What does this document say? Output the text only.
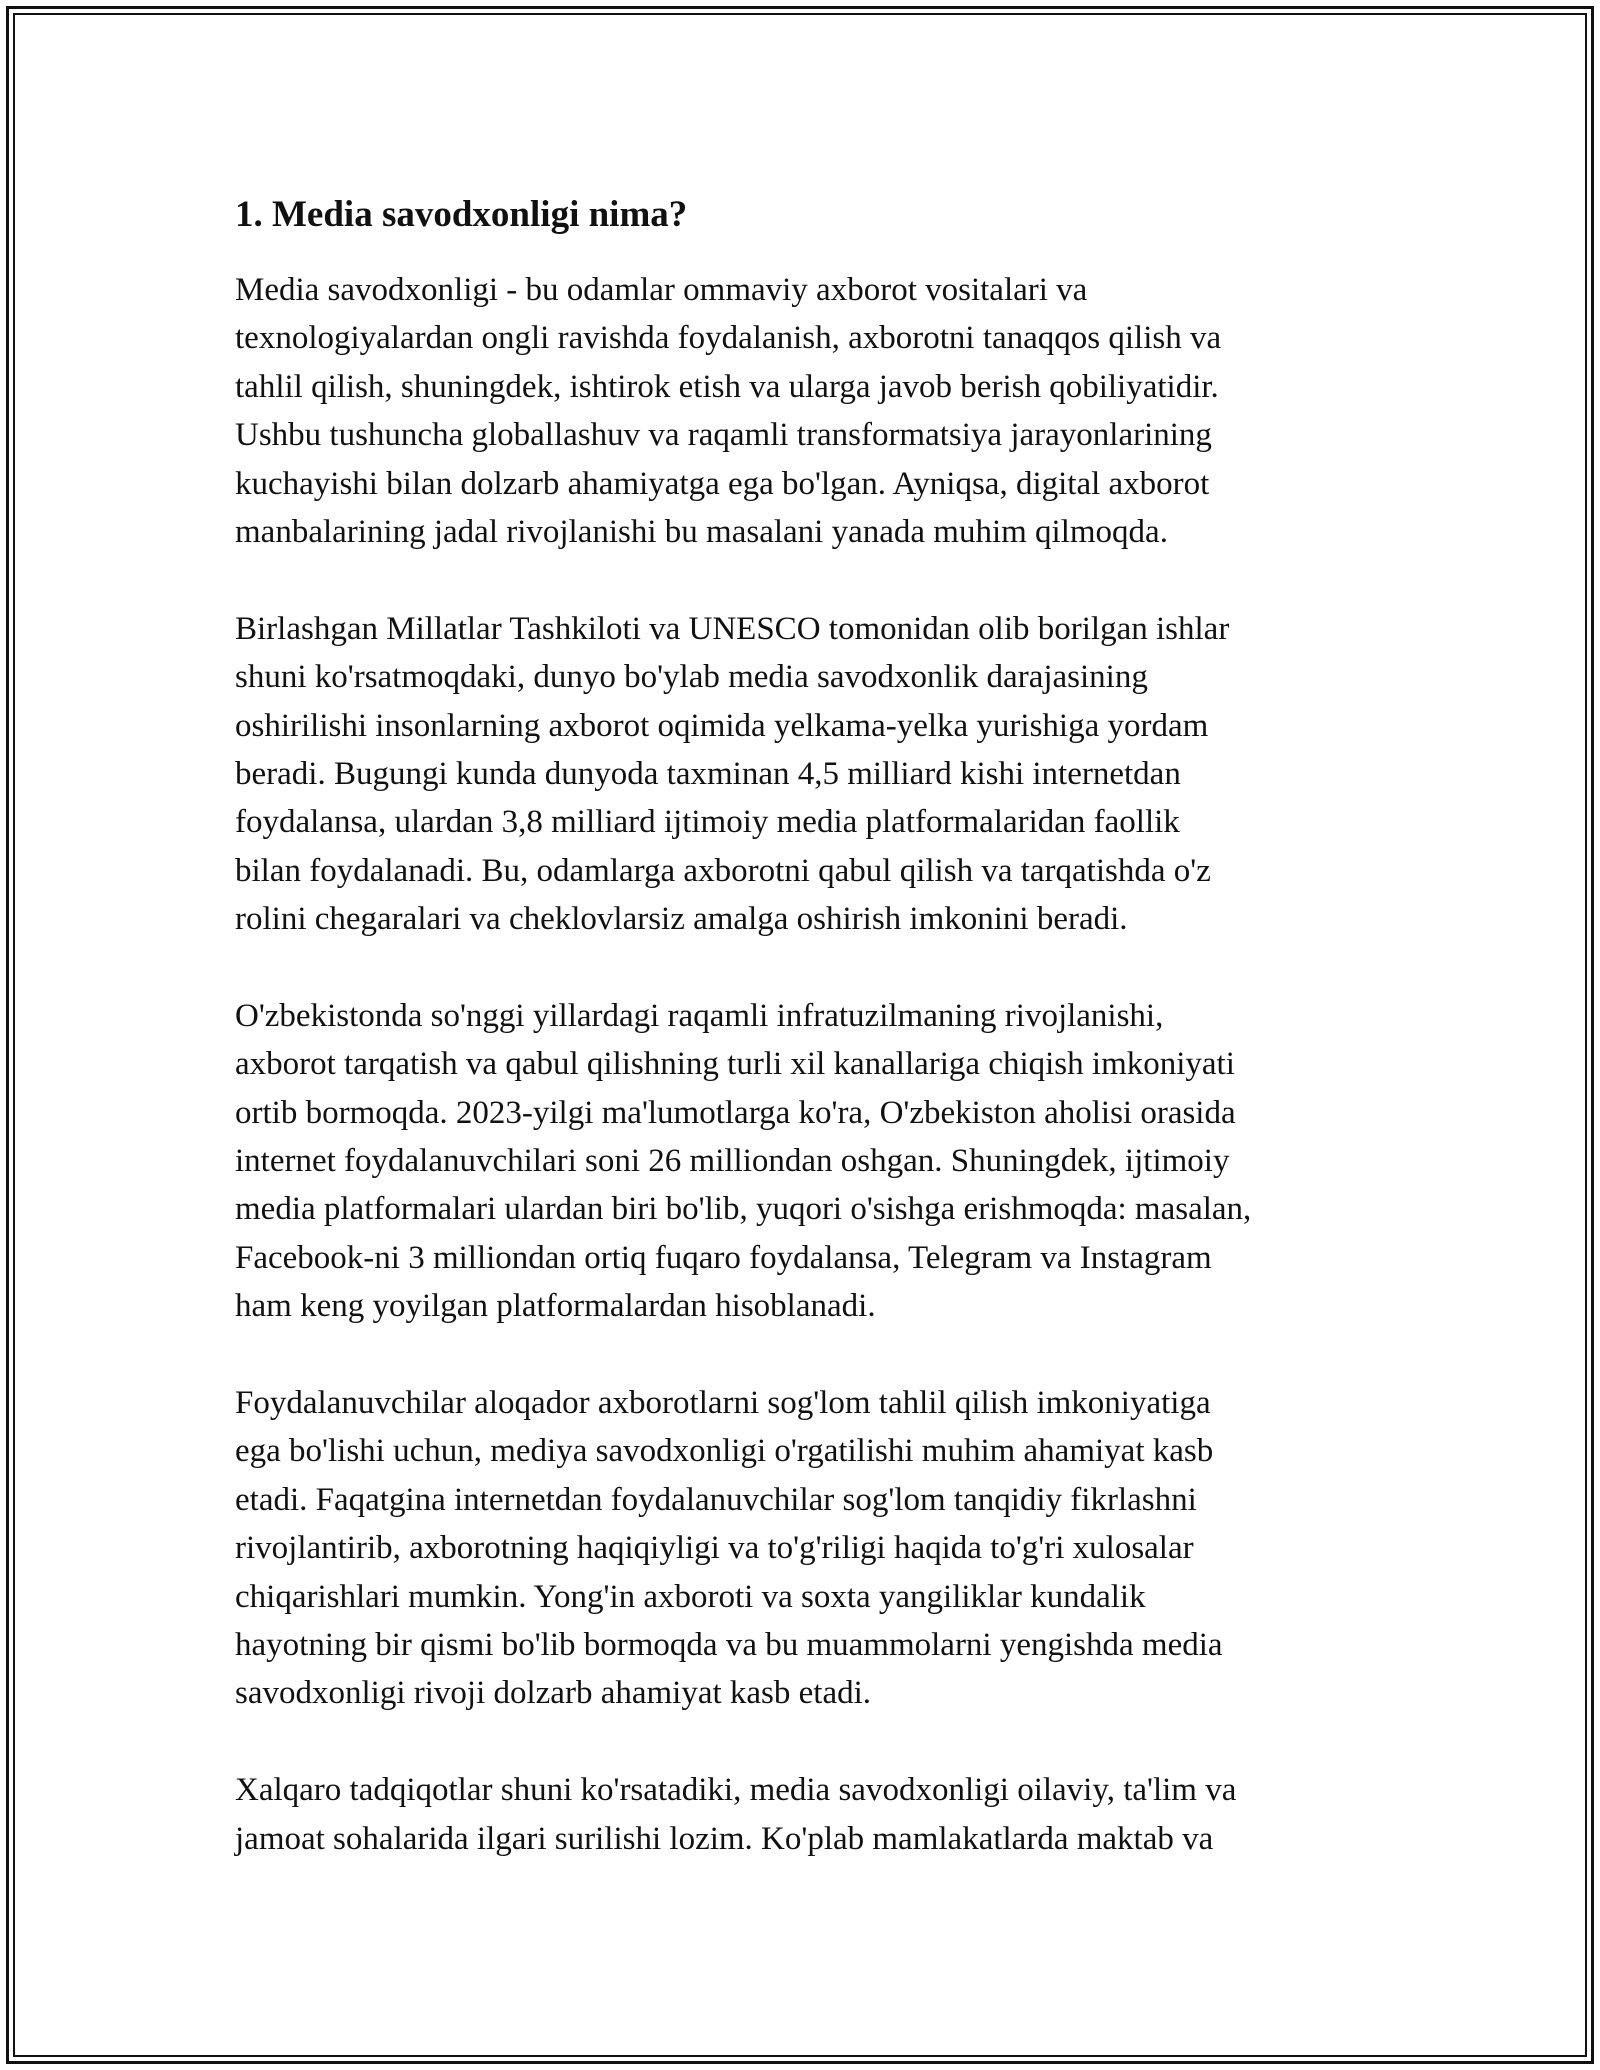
1. Media savodxonligi nima?

Media savodxonligi - bu odamlar ommaviy axborot vositalari va
texnologiyalardan ongli ravishda foydalanish, axborotni tanaqqos qilish va
tahlil qilish, shuningdek, ishtirok etish va ularga javob berish qobiliyatidir.
Ushbu tushuncha globallashuv va raqamli transformatsiya jarayonlarining
kuchayishi bilan dolzarb ahamiyatga ega bo'lgan. Ayniqsa, digital axborot
manbalarining jadal rivojlanishi bu masalani yanada muhim qilmoqda.

Birlashgan Millatlar Tashkiloti va UNESCO tomonidan olib borilgan ishlar
shuni ko'rsatmoqdaki, dunyo bo'ylab media savodxonlik darajasining
oshirilishi insonlarning axborot oqimida yelkama-yelka yurishiga yordam
beradi. Bugungi kunda dunyoda taxminan 4,5 milliard kishi internetdan
foydalansa, ulardan 3,8 milliard ijtimoiy media platformalaridan faollik
bilan foydalanadi. Bu, odamlarga axborotni qabul qilish va tarqatishda o'z
rolini chegaralari va cheklovlarsiz amalga oshirish imkonini beradi.

O'zbekistonda so'nggi yillardagi raqamli infratuzilmaning rivojlanishi,
axborot tarqatish va qabul qilishning turli xil kanallariga chiqish imkoniyati
ortib bormoqda. 2023-yilgi ma'lumotlarga ko'ra, O'zbekiston aholisi orasida
internet foydalanuvchilari soni 26 milliondan oshgan. Shuningdek, ijtimoiy
media platformalari ulardan biri bo'lib, yuqori o'sishga erishmoqda: masalan,
Facebook-ni 3 milliondan ortiq fuqaro foydalansa, Telegram va Instagram
ham keng yoyilgan platformalardan hisoblanadi.

Foydalanuvchilar aloqador axborotlarni sog'lom tahlil qilish imkoniyatiga
ega bo'lishi uchun, mediya savodxonligi o'rgatilishi muhim ahamiyat kasb
etadi. Faqatgina internetdan foydalanuvchilar sog'lom tanqidiy fikrlashni
rivojlantirib, axborotning haqiqiyligi va to'g'riligi haqida to'g'ri xulosalar
chiqarishlari mumkin. Yong'in axboroti va soxta yangiliklar kundalik
hayotning bir qismi bo'lib bormoqda va bu muammolarni yengishda media
savodxonligi rivoji dolzarb ahamiyat kasb etadi.

Xalqaro tadqiqotlar shuni ko'rsatadiki, media savodxonligi oilaviy, ta'lim va
jamoat sohalarida ilgari surilishi lozim. Ko'plab mamlakatlarda maktab va
